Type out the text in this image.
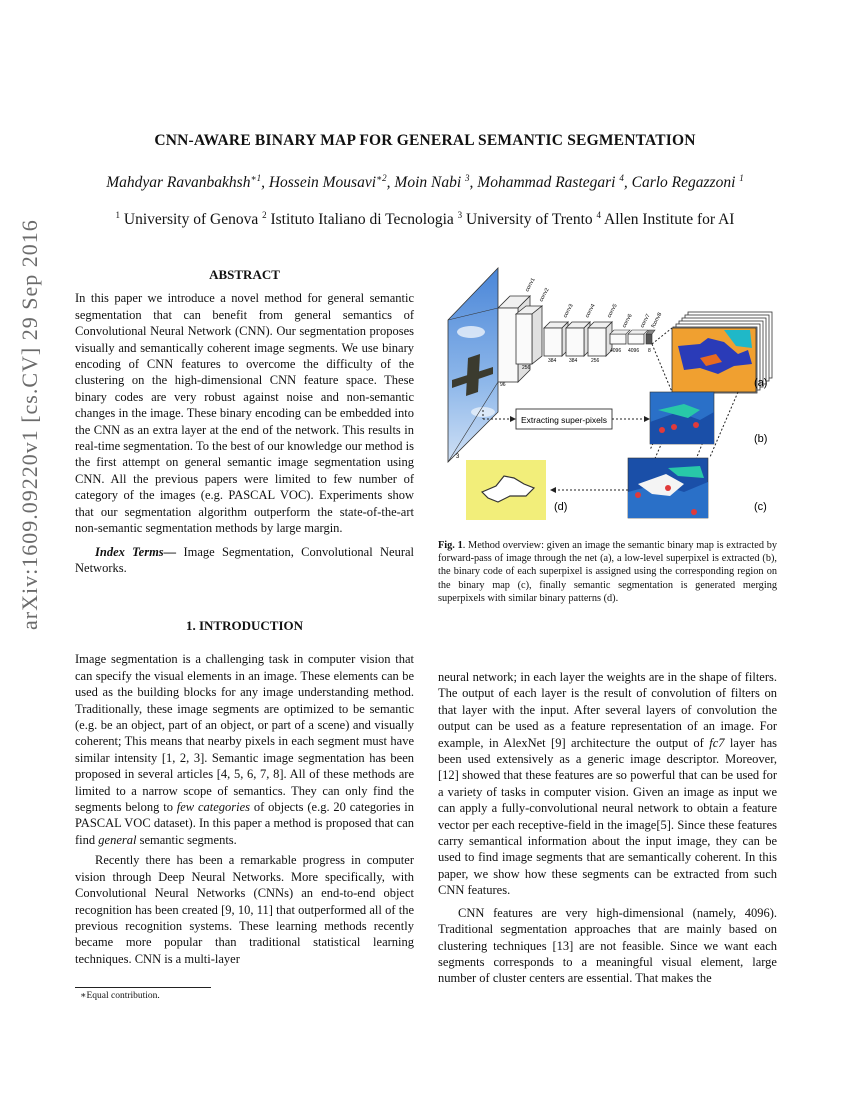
arXiv:1609.09220v1 [cs.CV] 29 Sep 2016
CNN-AWARE BINARY MAP FOR GENERAL SEMANTIC SEGMENTATION
Mahdyar Ravanbakhsh$^{∗1}$, Hossein Mousavi$^{∗2}$, Moin Nabi $^3$, Mohammad Rastegari $^4$, Carlo Regazzoni $^1$
$^1$ University of Genova $^2$ Istituto Italiano di Tecnologia $^3$ University of Trento $^4$ Allen Institute for AI
ABSTRACT

In this paper we introduce a novel method for general semantic segmentation that can benefit from general semantics of Convolutional Neural Network (CNN). Our segmentation proposes visually and semantically coherent image segments. We use binary encoding of CNN features to overcome the difficulty of the clustering on the high-dimensional CNN feature space. These binary codes are very robust against noise and non-semantic changes in the image. These binary encoding can be embedded into the CNN as an extra layer at the end of the network. This results in real-time segmentation. To the best of our knowledge our method is the first attempt on general semantic image segmentation using CNN. All the previous papers were limited to few number of category of the images (e.g. PASCAL VOC). Experiments show that our segmentation algorithm outperform the state-of-the-art non-semantic segmentation methods by large margin.

Index Terms— Image Segmentation, Convolutional Neural Networks.

1. INTRODUCTION

Image segmentation is a challenging task in computer vision that can specify the visual elements in an image. These elements can be used as the building blocks for any image understanding method. Traditionally, these image segments are optimized to be semantic (e.g. be an object, part of an object, or part of a scene) and visually coherent; This means that nearby pixels in each segment must have similar intensity [1, 2, 3]. Semantic image segmentation has been proposed in several articles [4, 5, 6, 7, 8]. All of these methods are limited to a narrow scope of semantics. They can only find the segments belong to few categories of objects (e.g. 20 categories in PASCAL VOC dataset). In this paper a method is proposed that can find general semantic segments.

Recently there has been a remarkable progress in computer vision through Deep Neural Networks. More specifically, with Convolutional Neural Networks (CNNs) an end-to-end object recognition has been created [9, 10, 11] that outperformed all of the previous recognition systems. These learning methods recently became more popular than traditional statistical learning techniques. CNN is a multi-layer

∗Equal contribution.
3
conv1
conv2
conv3 conv4 conv5
conv6 conv7
fconv8
96
256
384	384	256
4096 4096 8
(a)
Extracting super-pixels
(b)
(c)
(d)
Fig. 1. Method overview: given an image the semantic binary map is extracted by forward-pass of image through the net (a), a low-level superpixel is extracted (b), the binary code of each superpixel is assigned using the corresponding region on the binary map (c), finally semantic segmentation is generated merging superpixels with similar binary patterns (d).

neural network; in each layer the weights are in the shape of filters. The output of each layer is the result of convolution of filters on that layer with the input. After several layers of convolution the output can be used as a feature representation of an image. For example, in AlexNet [9] architecture the output of fc7 layer has been used extensively as a generic image descriptor. Moreover, [12] showed that these features are so powerful that can be used for a variety of tasks in computer vision. Given an image as input we can apply a fully-convolutional neural network to obtain a feature vector per each receptive-field in the image[5]. Since these features carry semantical information about the input image, they can be used to find image segments that are semantically coherent. In this paper, we show how these segments can be extracted from such CNN features.

CNN features are very high-dimensional (namely, 4096). Traditional segmentation approaches that are mainly based on clustering techniques [13] are not feasible. Since we want each segments corresponds to a meaningful visual element, large number of cluster centers are essential. That makes the
